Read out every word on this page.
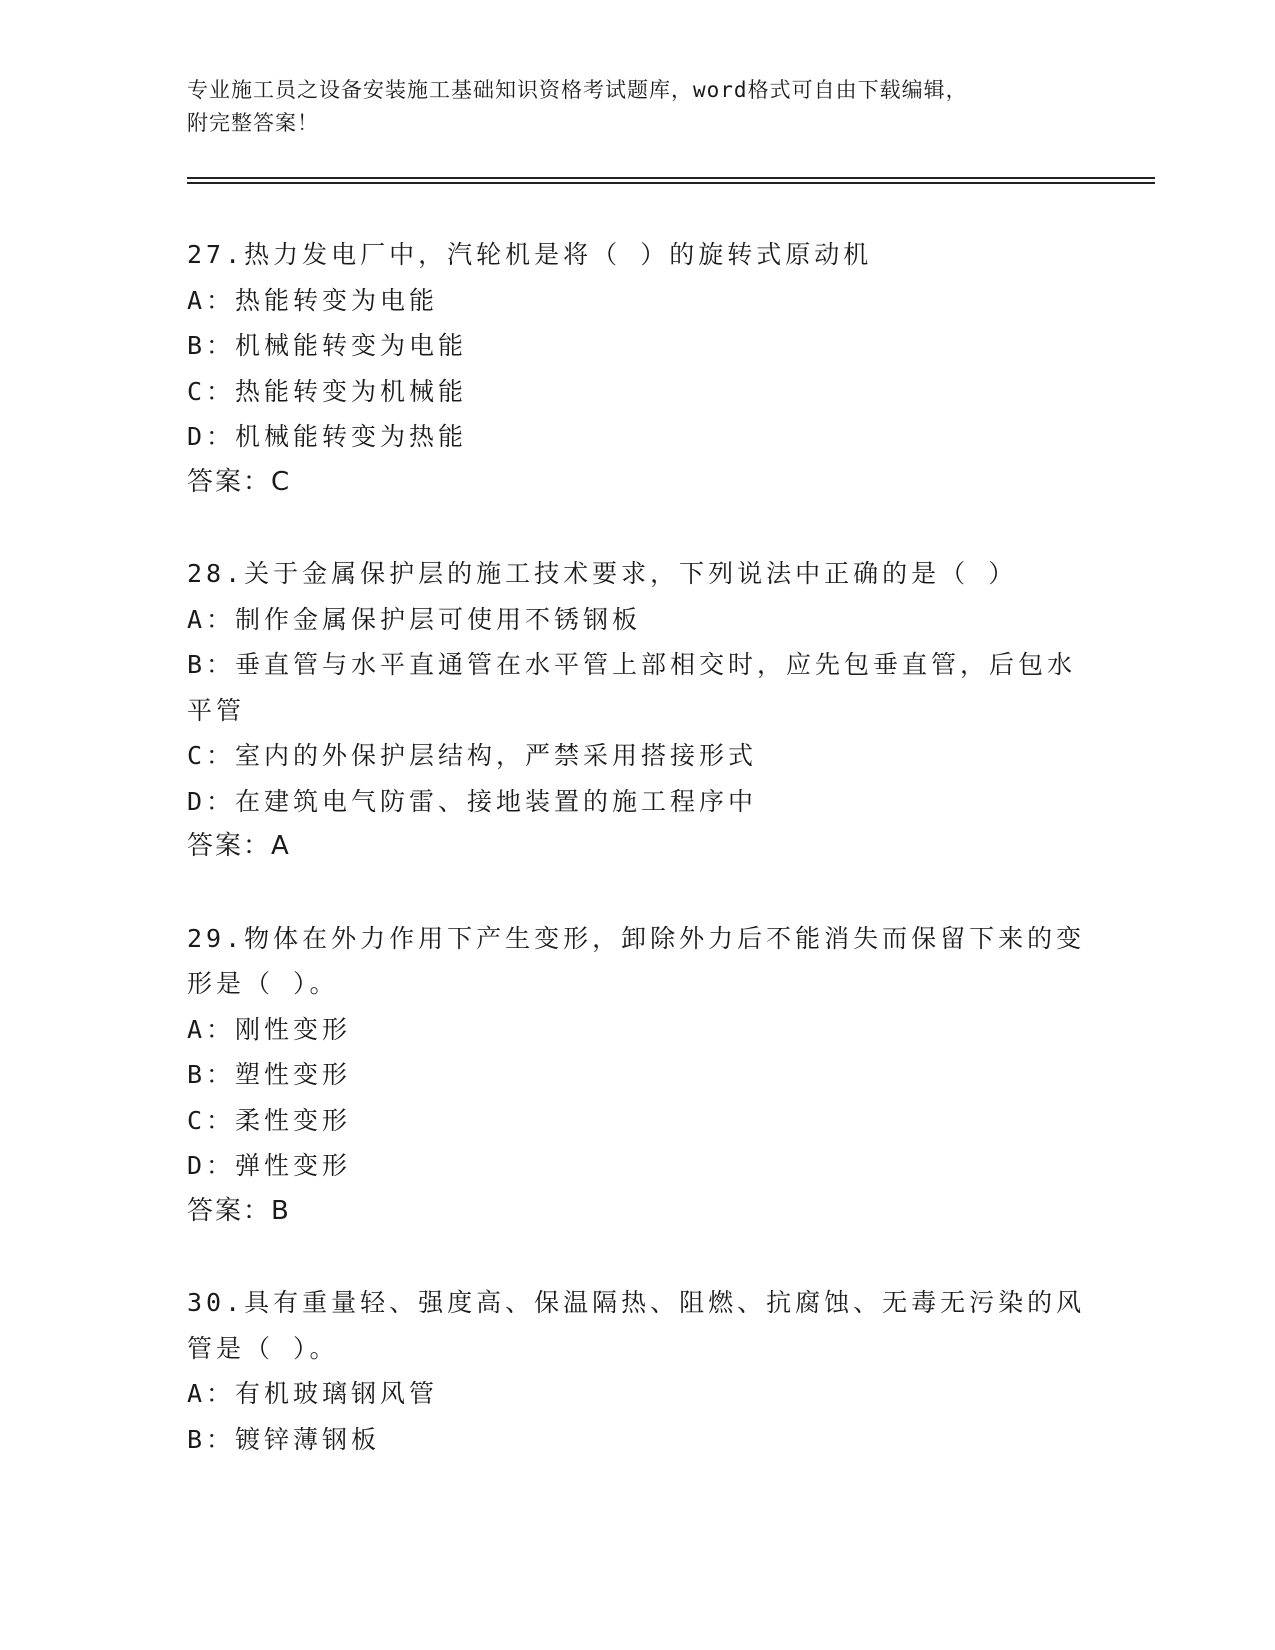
专业施工员之设备安装施工基础知识资格考试题库，word格式可自由下载编辑，
附完整答案！
27.热力发电厂中，汽轮机是将（ ）的旋转式原动机
A：热能转变为电能
B：机械能转变为电能
C：热能转变为机械能
D：机械能转变为热能
答案：C
28.关于金属保护层的施工技术要求，下列说法中正确的是（ ）
A：制作金属保护层可使用不锈钢板
B：垂直管与水平直通管在水平管上部相交时，应先包垂直管，后包水
平管
C：室内的外保护层结构，严禁采用搭接形式
D：在建筑电气防雷、接地装置的施工程序中
答案：A
29.物体在外力作用下产生变形，卸除外力后不能消失而保留下来的变
形是（ ）。
A：刚性变形
B：塑性变形
C：柔性变形
D：弹性变形
答案：B
30.具有重量轻、强度高、保温隔热、阻燃、抗腐蚀、无毒无污染的风
管是（ ）。
A：有机玻璃钢风管
B：镀锌薄钢板
